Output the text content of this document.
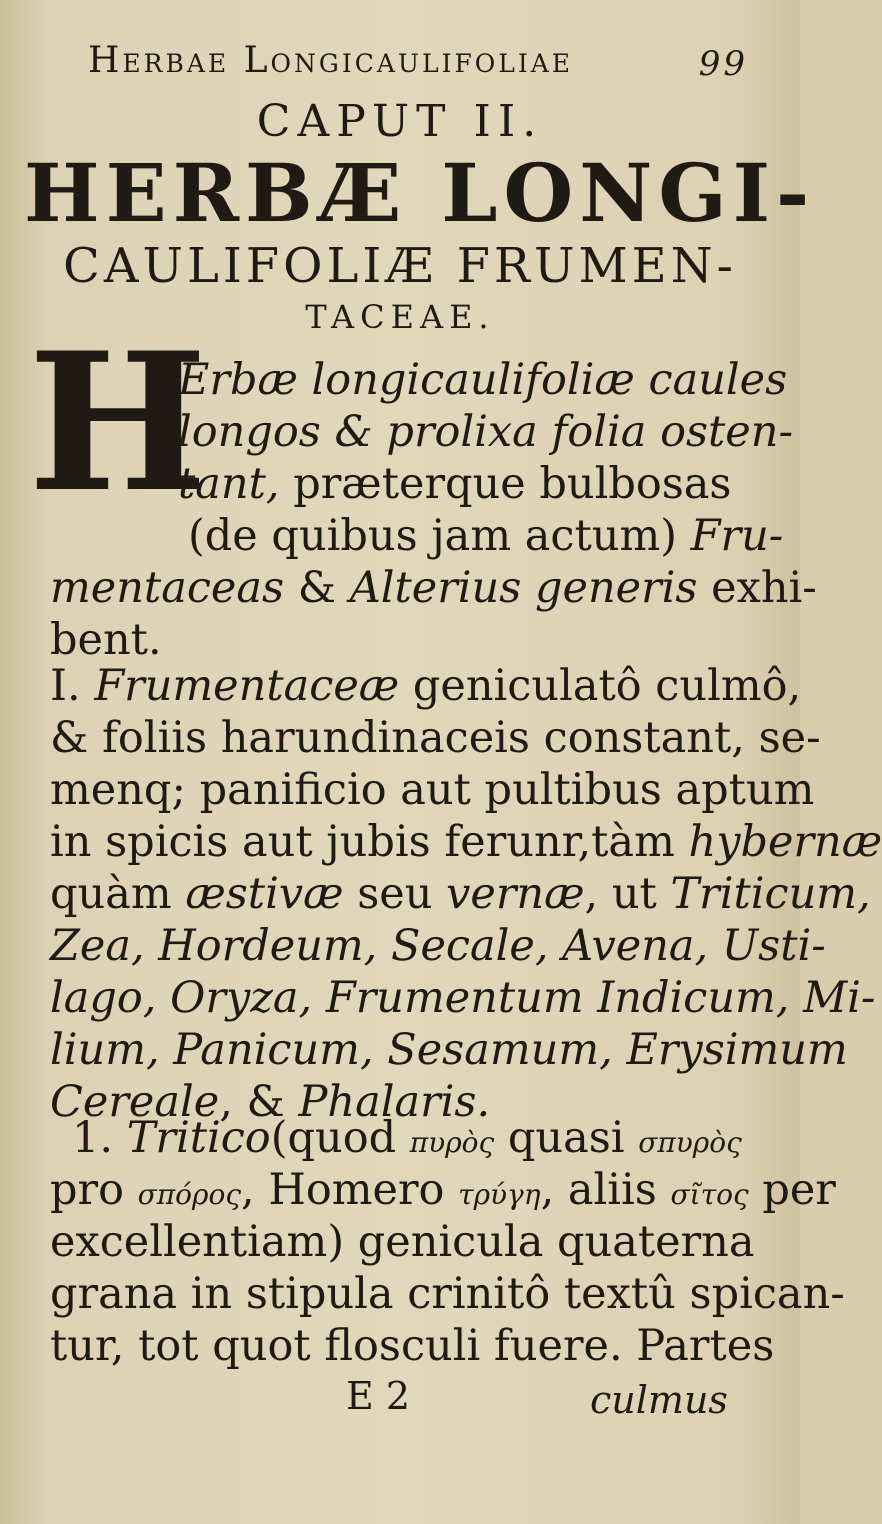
Herbae Longicaulifoliae	99
CAPUT II.
HERBÆ LONGI-
CAULIFOLIÆ FRUMEN-
TACEAE.
H
Erbæ longicaulifoliæ caules
longos & prolixa folia osten-
tant, præterque bulbosas
(de quibus jam actum) Fru-
mentaceas & Alterius generis exhi-
bent.
I. Frumentaceæ geniculatô culmô,
& foliis harundinaceis constant, se-
menq; panificio aut pultibus aptum
in spicis aut jubis ferunr,tàm hybernæ
quàm æstivæ seu vernæ, ut Triticum,
Zea, Hordeum, Secale, Avena, Usti-
lago, Oryza, Frumentum Indicum, Mi-
lium, Panicum, Sesamum, Erysimum
Cereale, & Phalaris.
1. Tritico(quod πυρὸς quasi σπυρὸς
pro σπόρος, Homero τρύγη, aliis σῖτος per
excellentiam) genicula quaterna
grana in stipula crinitô textû spican-
tur, tot quot flosculi fuere. Partes
E 2	culmus
